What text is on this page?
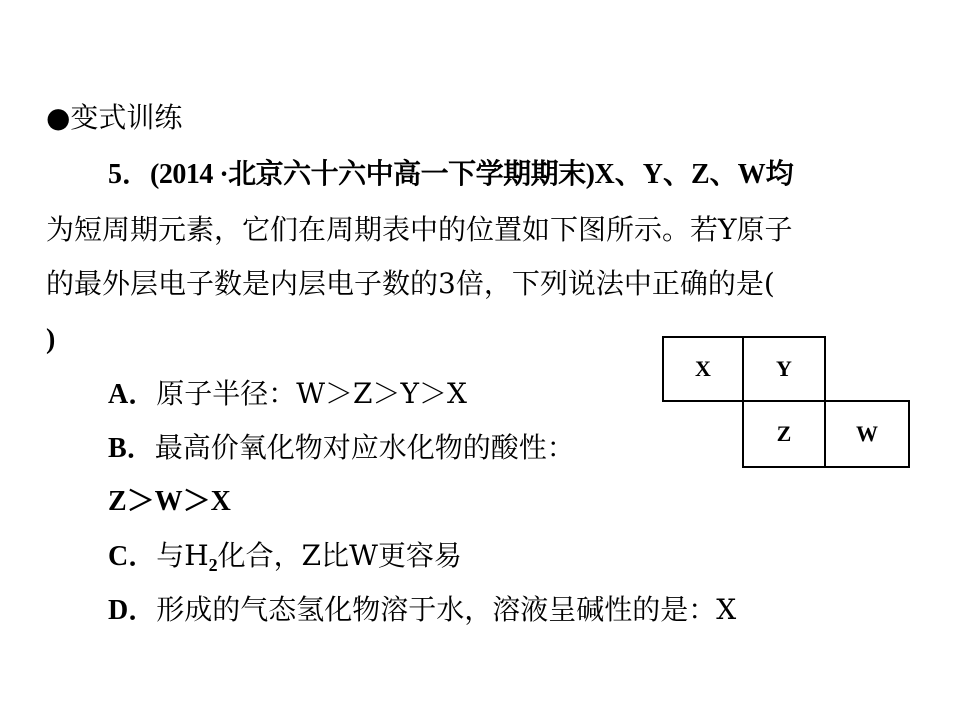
●变式训练
5．(2014 ·北京六十六中高一下学期期末)X、Y、Z、W均
为短周期元素，它们在周期表中的位置如下图所示。若Y原子
的最外层电子数是内层电子数的3倍，下列说法中正确的是(
)
A．原子半径：W＞Z＞Y＞X
B．最高价氧化物对应水化物的酸性：
Z＞W＞X
C．与$H_2$化合，Z比W更容易
D．形成的气态氢化物溶于水，溶液呈碱性的是：X
X	Y
Z	W
